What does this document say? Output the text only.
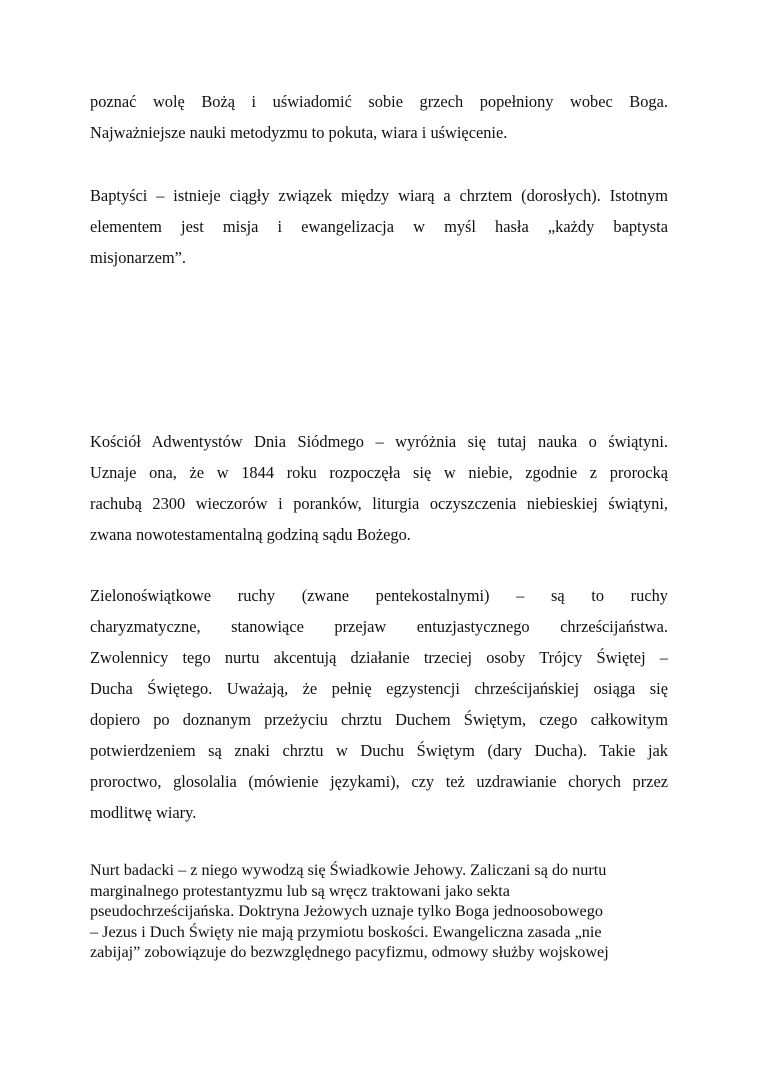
poznać wolę Bożą i uświadomić sobie grzech popełniony wobec Boga.
Najważniejsze nauki metodyzmu to pokuta, wiara i uświęcenie.
Baptyści – istnieje ciągły związek między wiarą a chrztem (dorosłych). Istotnym
elementem jest misja i ewangelizacja w myśl hasła „każdy baptysta
misjonarzem”.
Kościół Adwentystów Dnia Siódmego – wyróżnia się tutaj nauka o świątyni.
Uznaje ona, że w 1844 roku rozpoczęła się w niebie, zgodnie z prorocką
rachubą 2300 wieczorów i poranków, liturgia oczyszczenia niebieskiej świątyni,
zwana nowotestamentalną godziną sądu Bożego.
Zielonoświątkowe ruchy (zwane pentekostalnymi) – są to ruchy
charyzmatyczne, stanowiące przejaw entuzjastycznego chrześcijaństwa.
Zwolennicy tego nurtu akcentują działanie trzeciej osoby Trójcy Świętej –
Ducha Świętego. Uważają, że pełnię egzystencji chrześcijańskiej osiąga się
dopiero po doznanym przeżyciu chrztu Duchem Świętym, czego całkowitym
potwierdzeniem są znaki chrztu w Duchu Świętym (dary Ducha). Takie jak
proroctwo, glosolalia (mówienie językami), czy też uzdrawianie chorych przez
modlitwę wiary.
Nurt badacki – z niego wywodzą się Świadkowie Jehowy. Zaliczani są do nurtu
marginalnego protestantyzmu lub są wręcz traktowani jako sekta
pseudochrześcijańska. Doktryna Jeżowych uznaje tylko Boga jednoosobowego
– Jezus i Duch Święty nie mają przymiotu boskości. Ewangeliczna zasada „nie
zabijaj” zobowiązuje do bezwzględnego pacyfizmu, odmowy służby wojskowej
